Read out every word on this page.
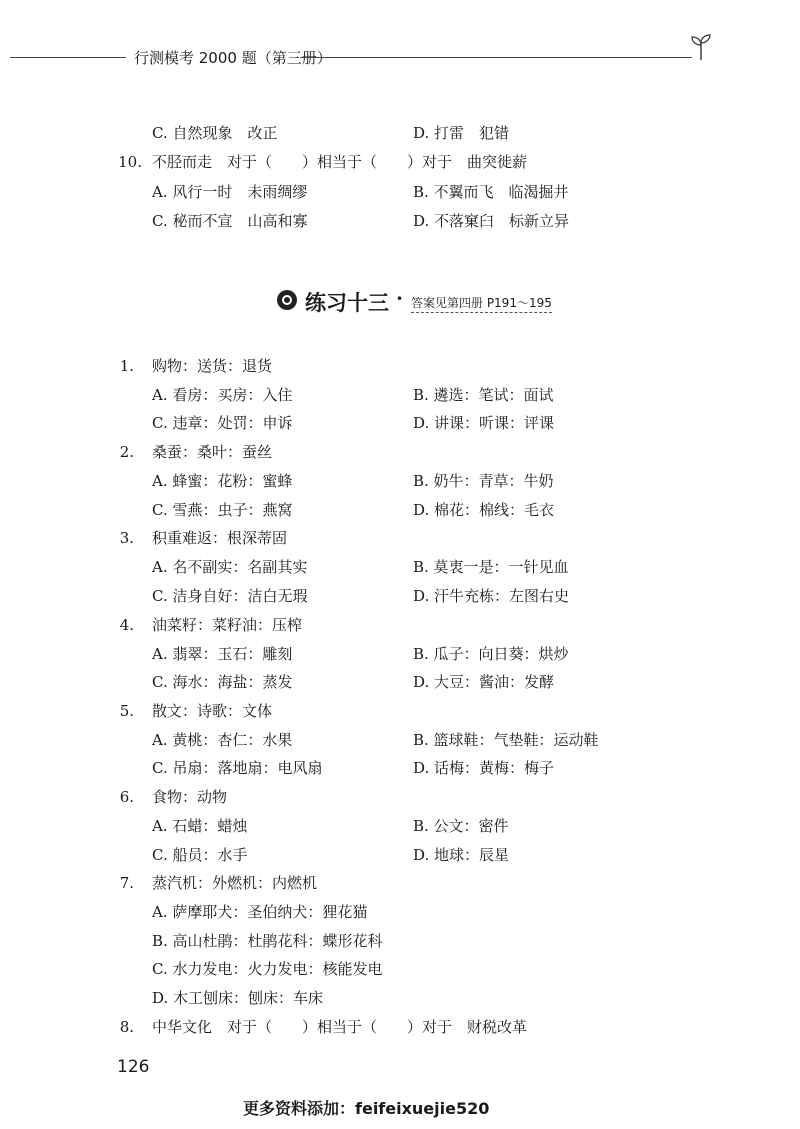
行测模考 2000 题（第三册）
C. 自然现象　改正	D. 打雷　犯错
10. 不胫而走　对于（　　）相当于（　　）对于　曲突徙薪
A. 风行一时　未雨绸缪	B. 不翼而飞　临渴掘井
C. 秘而不宣　山高和寡	D. 不落窠臼　标新立异
练习十三 · 答案见第四册 P191～195
1. 购物：送货：退货
A. 看房：买房：入住	B. 遴选：笔试：面试
C. 违章：处罚：申诉	D. 讲课：听课：评课
2. 桑蚕：桑叶：蚕丝
A. 蜂蜜：花粉：蜜蜂	B. 奶牛：青草：牛奶
C. 雪燕：虫子：燕窝	D. 棉花：棉线：毛衣
3. 积重难返：根深蒂固
A. 名不副实：名副其实	B. 莫衷一是：一针见血
C. 洁身自好：洁白无瑕	D. 汗牛充栋：左图右史
4. 油菜籽：菜籽油：压榨
A. 翡翠：玉石：雕刻	B. 瓜子：向日葵：烘炒
C. 海水：海盐：蒸发	D. 大豆：酱油：发酵
5. 散文：诗歌：文体
A. 黄桃：杏仁：水果	B. 篮球鞋：气垫鞋：运动鞋
C. 吊扇：落地扇：电风扇	D. 话梅：黄梅：梅子
6. 食物：动物
A. 石蜡：蜡烛	B. 公文：密件
C. 船员：水手	D. 地球：辰星
7. 蒸汽机：外燃机：内燃机
A. 萨摩耶犬：圣伯纳犬：狸花猫
B. 高山杜鹃：杜鹃花科：蝶形花科
C. 水力发电：火力发电：核能发电
D. 木工刨床：刨床：车床
8. 中华文化　对于（　　）相当于（　　）对于　财税改革
126
更多资料添加：feifeixuejie520
